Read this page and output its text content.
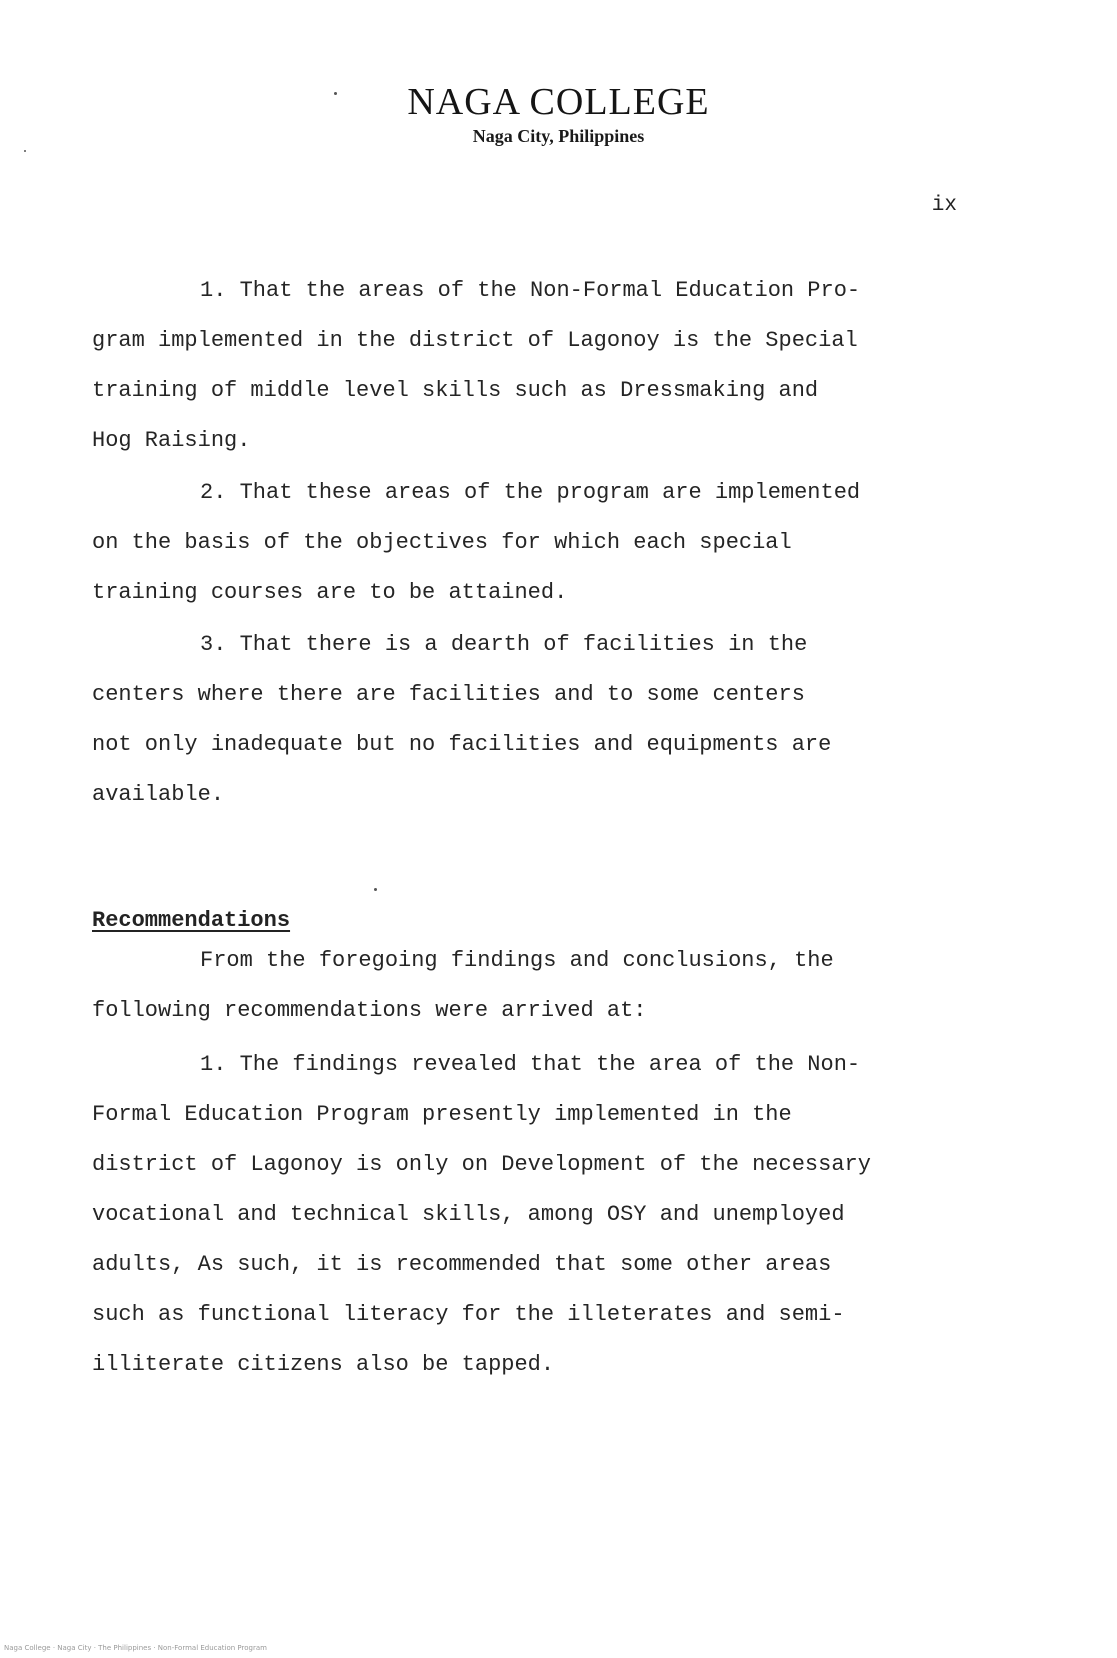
NAGA COLLEGE
Naga City, Philippines
ix

1. That the areas of the Non-Formal Education Pro-
gram implemented in the district of Lagonoy is the Special
training of middle level skills such as Dressmaking and
Hog Raising.

2. That these areas of the program are implemented
on the basis of the objectives for which each special
training courses are to be attained.

3. That there is a dearth of facilities in the
centers where there are facilities and to some centers
not only inadequate but no facilities and equipments are
available.

Recommendations

From the foregoing findings and conclusions, the
following recommendations were arrived at:

1. The findings revealed that the area of the Non-
Formal Education Program presently implemented in the
district of Lagonoy is only on Development of the necessary
vocational and technical skills, among OSY and unemployed
adults, As such, it is recommended that some other areas
such as functional literacy for the illeterates and semi-
illiterate citizens also be tapped.

Naga College · Naga City · The Philippines · Non-Formal Education Program
